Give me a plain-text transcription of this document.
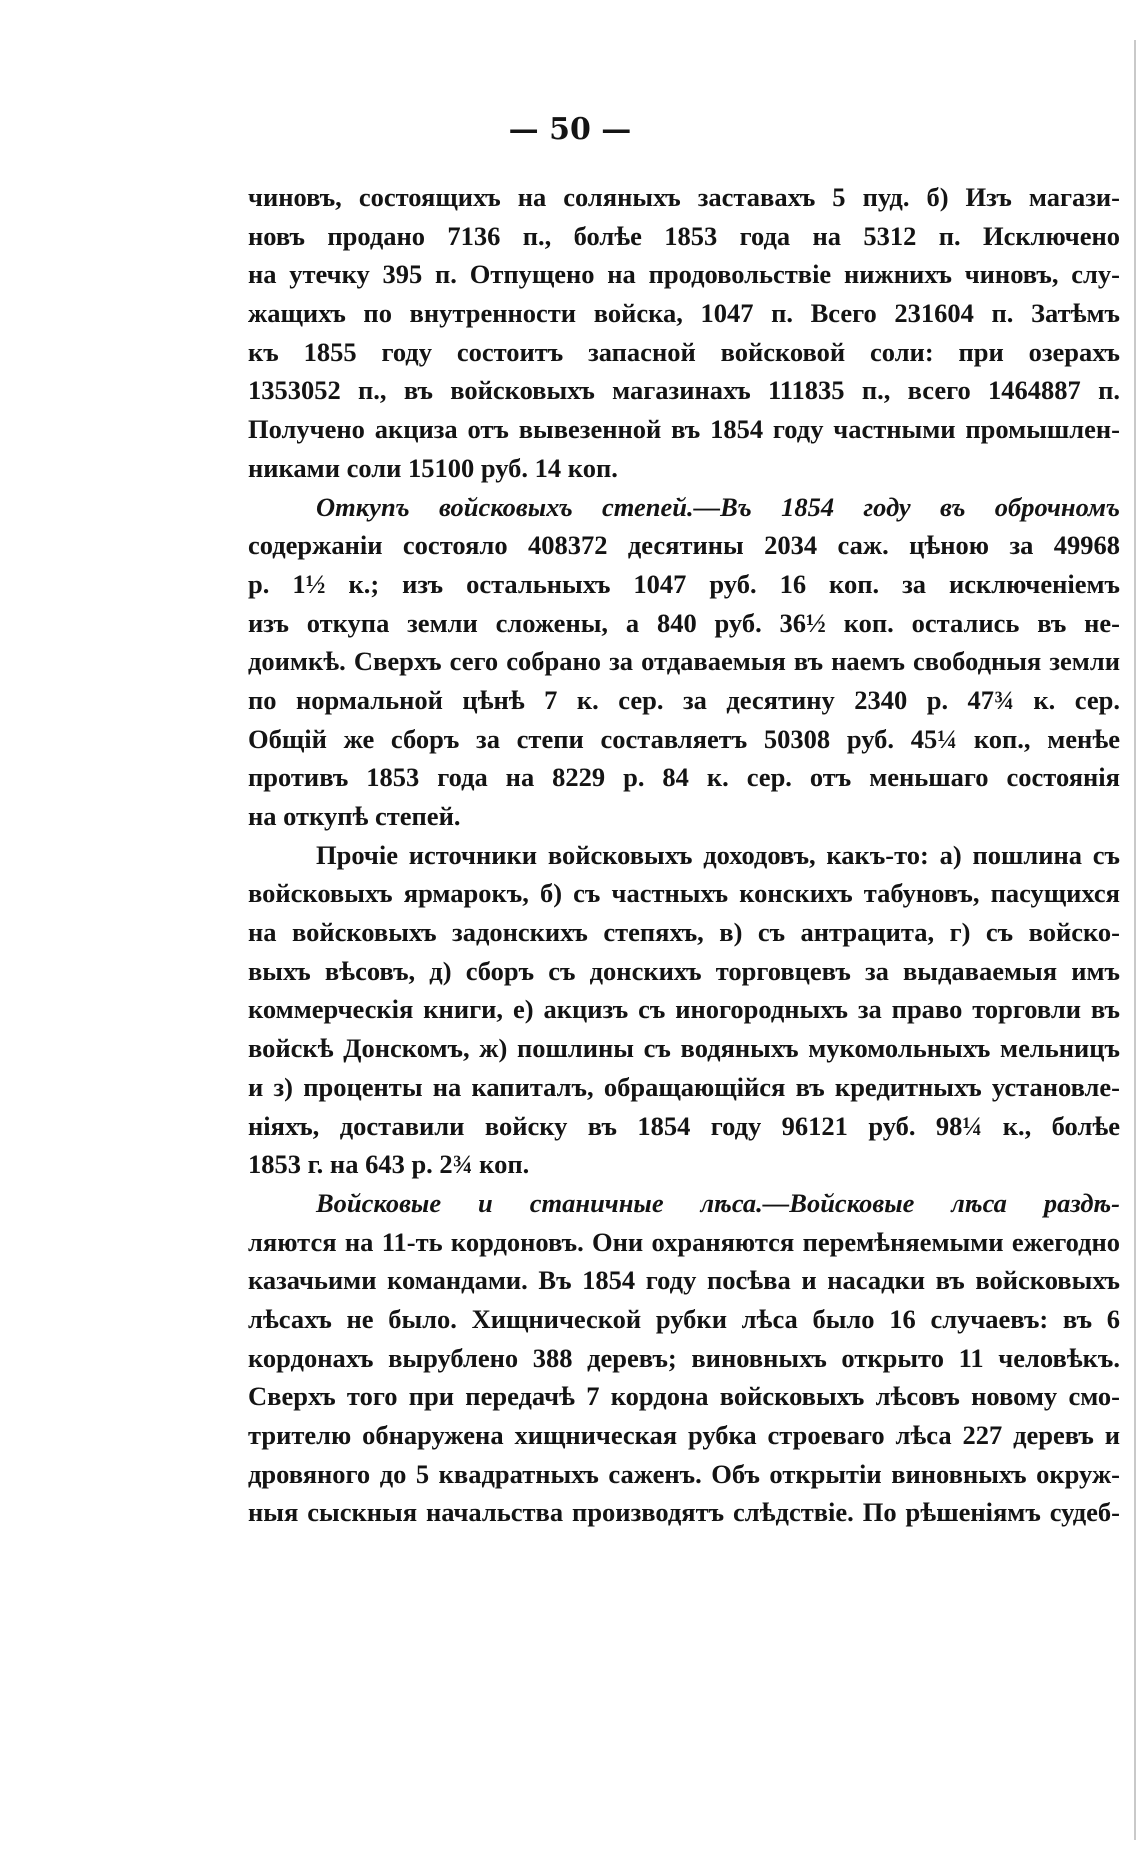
— 50 —
чиновъ, состоящихъ на соляныхъ заставахъ 5 пуд. б) Изъ магази-
новъ продано 7136 п., болѣе 1853 года на 5312 п. Исключено
на утечку 395 п. Отпущено на продовольствіе нижнихъ чиновъ, слу-
жащихъ по внутренности войска, 1047 п. Всего 231604 п. Затѣмъ
къ 1855 году состоитъ запасной войсковой соли: при озерахъ
1353052 п., въ войсковыхъ магазинахъ 111835 п., всего 1464887 п.
Получено акциза отъ вывезенной въ 1854 году частными промышлен-
никами соли 15100 руб. 14 коп.
Откупъ войсковыхъ степей.—Въ 1854 году въ оброчномъ
содержаніи состояло 408372 десятины 2034 саж. цѣною за 49968
р. 1½ к.; изъ остальныхъ 1047 руб. 16 коп. за исключеніемъ
изъ откупа земли сложены, а 840 руб. 36½ коп. остались въ не-
доимкѣ. Сверхъ сего собрано за отдаваемыя въ наемъ свободныя земли
по нормальной цѣнѣ 7 к. сер. за десятину 2340 р. 47¾ к. сер.
Общій же сборъ за степи составляетъ 50308 руб. 45¼ коп., менѣе
противъ 1853 года на 8229 р. 84 к. сер. отъ меньшаго состоянія
на откупѣ степей.
Прочіе источники войсковыхъ доходовъ, какъ-то: а) пошлина съ
войсковыхъ ярмарокъ, б) съ частныхъ конскихъ табуновъ, пасущихся
на войсковыхъ задонскихъ степяхъ, в) съ антрацита, г) съ войско-
выхъ вѣсовъ, д) сборъ съ донскихъ торговцевъ за выдаваемыя имъ
коммерческія книги, е) акцизъ съ иногородныхъ за право торговли въ
войскѣ Донскомъ, ж) пошлины съ водяныхъ мукомольныхъ мельницъ
и з) проценты на капиталъ, обращающійся въ кредитныхъ установле-
ніяхъ, доставили войску въ 1854 году 96121 руб. 98¼ к., болѣе
1853 г. на 643 р. 2¾ коп.
Войсковые и станичные лѣса.—Войсковые лѣса раздѣ-
ляются на 11-ть кордоновъ. Они охраняются перемѣняемыми ежегодно
казачьими командами. Въ 1854 году посѣва и насадки въ войсковыхъ
лѣсахъ не было. Хищнической рубки лѣса было 16 случаевъ: въ 6
кордонахъ вырублено 388 деревъ; виновныхъ открыто 11 человѣкъ.
Сверхъ того при передачѣ 7 кордона войсковыхъ лѣсовъ новому смо-
трителю обнаружена хищническая рубка строеваго лѣса 227 деревъ и
дровяного до 5 квадратныхъ саженъ. Объ открытіи виновныхъ окруж-
ныя сыскныя начальства производятъ слѣдствіе. По рѣшеніямъ судеб-
